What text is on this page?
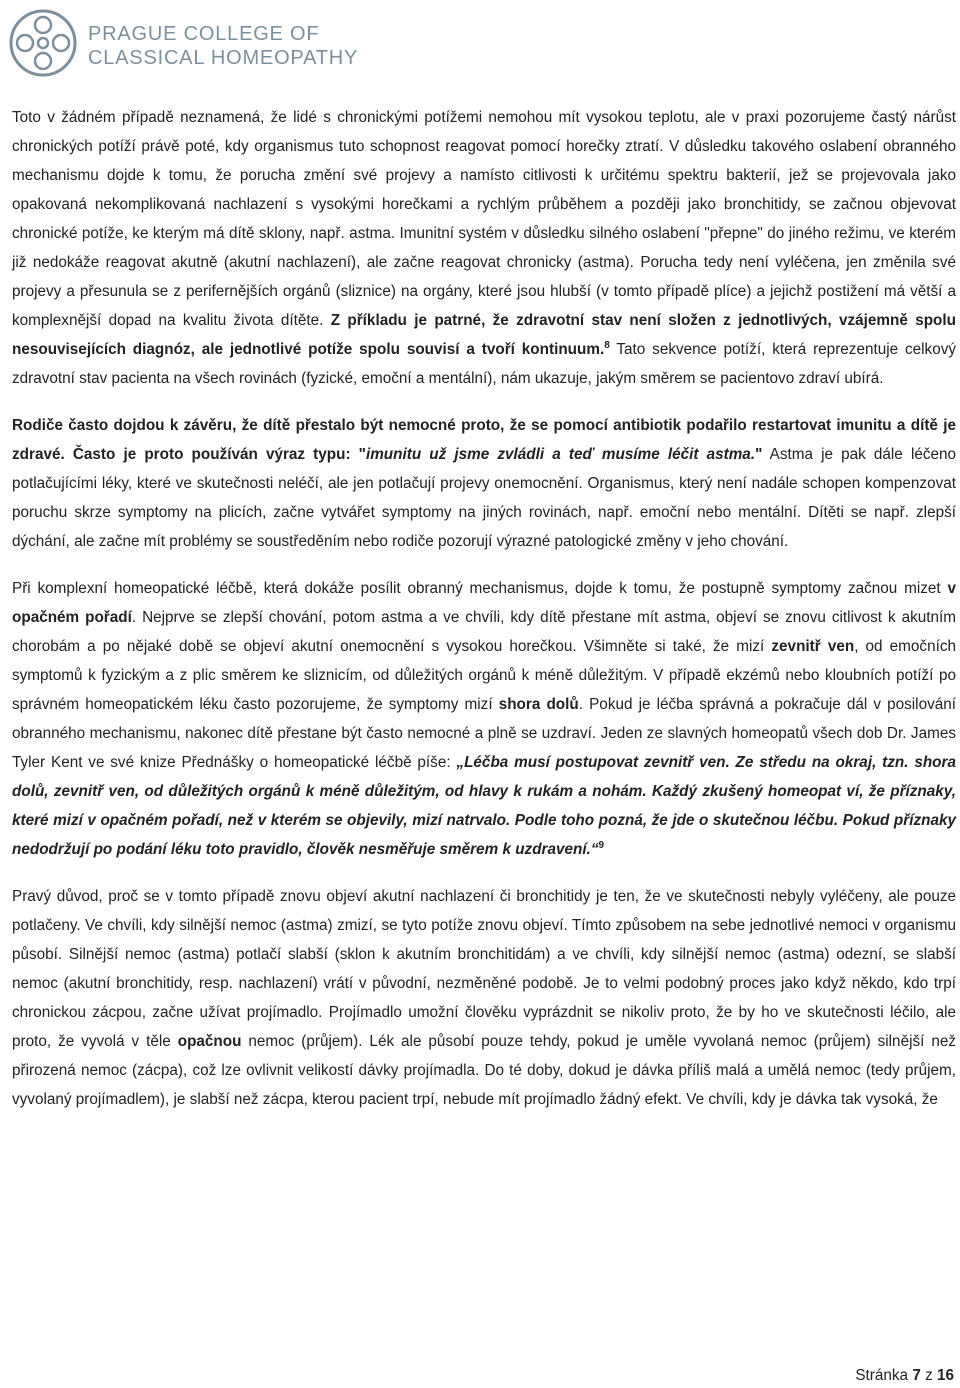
PRAGUE COLLEGE OF
CLASSICAL HOMEOPATHY

Toto v žádném případě neznamená, že lidé s chronickými potížemi nemohou mít vysokou teplotu, ale v praxi pozorujeme častý nárůst chronických potíží právě poté, kdy organismus tuto schopnost reagovat pomocí horečky ztratí. V důsledku takového oslabení obranného mechanismu dojde k tomu, že porucha změní své projevy a namísto citlivosti k určitému spektru bakterií, jež se projevovala jako opakovaná nekomplikovaná nachlazení s vysokými horečkami a rychlým průběhem a později jako bronchitidy, se začnou objevovat chronické potíže, ke kterým má dítě sklony, např. astma. Imunitní systém v důsledku silného oslabení "přepne" do jiného režimu, ve kterém již nedokáže reagovat akutně (akutní nachlazení), ale začne reagovat chronicky (astma). Porucha tedy není vyléčena, jen změnila své projevy a přesunula se z perifernějších orgánů (sliznice) na orgány, které jsou hlubší (v tomto případě plíce) a jejichž postižení má větší a komplexnější dopad na kvalitu života dítěte. Z příkladu je patrné, že zdravotní stav není složen z jednotlivých, vzájemně spolu nesouvisejících diagnóz, ale jednotlivé potíže spolu souvisí a tvoří kontinuum.$^8$ Tato sekvence potíží, která reprezentuje celkový zdravotní stav pacienta na všech rovinách (fyzické, emoční a mentální), nám ukazuje, jakým směrem se pacientovo zdraví ubírá.

Rodiče často dojdou k závěru, že dítě přestalo být nemocné proto, že se pomocí antibiotik podařilo restartovat imunitu a dítě je zdravé. Často je proto používán výraz typu: "imunitu už jsme zvládli a teď musíme léčit astma." Astma je pak dále léčeno potlačujícími léky, které ve skutečnosti neléčí, ale jen potlačují projevy onemocnění. Organismus, který není nadále schopen kompenzovat poruchu skrze symptomy na plicích, začne vytvářet symptomy na jiných rovinách, např. emoční nebo mentální. Dítěti se např. zlepší dýchání, ale začne mít problémy se soustředěním nebo rodiče pozorují výrazné patologické změny v jeho chování.

Při komplexní homeopatické léčbě, která dokáže posílit obranný mechanismus, dojde k tomu, že postupně symptomy začnou mizet v opačném pořadí. Nejprve se zlepší chování, potom astma a ve chvíli, kdy dítě přestane mít astma, objeví se znovu citlivost k akutním chorobám a po nějaké době se objeví akutní onemocnění s vysokou horečkou. Všimněte si také, že mizí zevnitř ven, od emočních symptomů k fyzickým a z plic směrem ke sliznicím, od důležitých orgánů k méně důležitým. V případě ekzémů nebo kloubních potíží po správném homeopatickém léku často pozorujeme, že symptomy mizí shora dolů. Pokud je léčba správná a pokračuje dál v posilování obranného mechanismu, nakonec dítě přestane být často nemocné a plně se uzdraví. Jeden ze slavných homeopatů všech dob Dr. James Tyler Kent ve své knize Přednášky o homeopatické léčbě píše: „Léčba musí postupovat zevnitř ven. Ze středu na okraj, tzn. shora dolů, zevnitř ven, od důležitých orgánů k méně důležitým, od hlavy k rukám a nohám. Každý zkušený homeopat ví, že příznaky, které mizí v opačném pořadí, než v kterém se objevily, mizí natrvalo. Podle toho pozná, že jde o skutečnou léčbu. Pokud příznaky nedodržují po podání léku toto pravidlo, člověk nesměřuje směrem k uzdravení.“$^9$

Pravý důvod, proč se v tomto případě znovu objeví akutní nachlazení či bronchitidy je ten, že ve skutečnosti nebyly vyléčeny, ale pouze potlačeny. Ve chvíli, kdy silnější nemoc (astma) zmizí, se tyto potíže znovu objeví. Tímto způsobem na sebe jednotlivé nemoci v organismu působí. Silnější nemoc (astma) potlačí slabší (sklon k akutním bronchitidám) a ve chvíli, kdy silnější nemoc (astma) odezní, se slabší nemoc (akutní bronchitidy, resp. nachlazení) vrátí v původní, nezměněné podobě. Je to velmi podobný proces jako když někdo, kdo trpí chronickou zácpou, začne užívat projímadlo. Projímadlo umožní člověku vyprázdnit se nikoliv proto, že by ho ve skutečnosti léčilo, ale proto, že vyvolá v těle opačnou nemoc (průjem). Lék ale působí pouze tehdy, pokud je uměle vyvolaná nemoc (průjem) silnější než přirozená nemoc (zácpa), což lze ovlivnit velikostí dávky projímadla. Do té doby, dokud je dávka příliš malá a umělá nemoc (tedy průjem, vyvolaný projímadlem), je slabší než zácpa, kterou pacient trpí, nebude mít projímadlo žádný efekt. Ve chvíli, kdy je dávka tak vysoká, že

Stránka 7 z 16
